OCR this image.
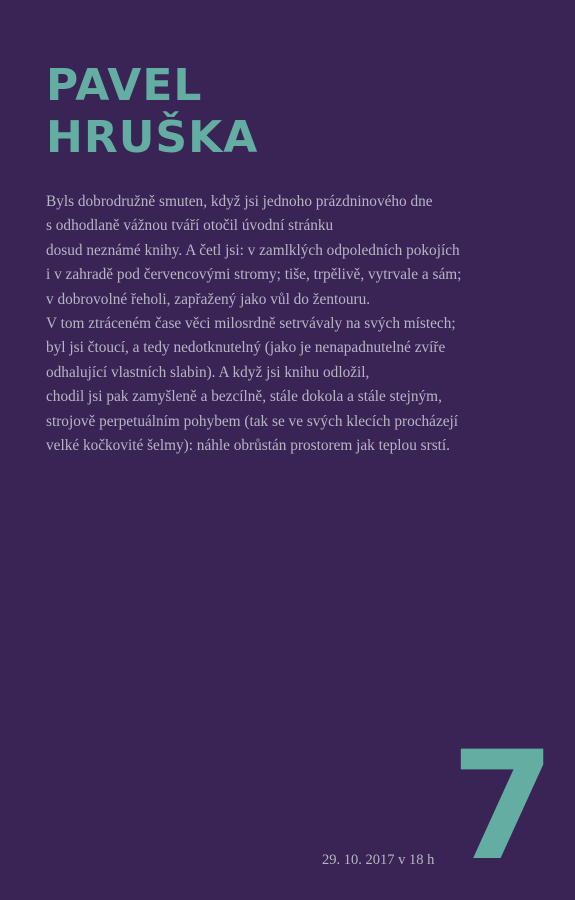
PAVEL
HRUŠKA
Byls dobrodružně smuten, když jsi jednoho prázdninového dne
s odhodlaně vážnou tváří otočil úvodní stránku
dosud neznámé knihy. A četl jsi: v zamlklých odpoledních pokojích
i v zahradě pod červencovými stromy; tiše, trpělivě, vytrvale a sám;
v dobrovolné řeholi, zapřažený jako vůl do žentouru.
V tom ztráceném čase věci milosrdně setrvávaly na svých místech;
byl jsi čtoucí, a tedy nedotknutelný (jako je nenapadnutelné zvíře
odhalující vlastních slabin). A když jsi knihu odložil,
chodil jsi pak zamyšleně a bezcílně, stále dokola a stále stejným,
strojově perpetuálním pohybem (tak se ve svých klecích procházejí
velké kočkovité šelmy): náhle obrůstán prostorem jak teplou srstí.
7
29. 10. 2017 v 18 h
